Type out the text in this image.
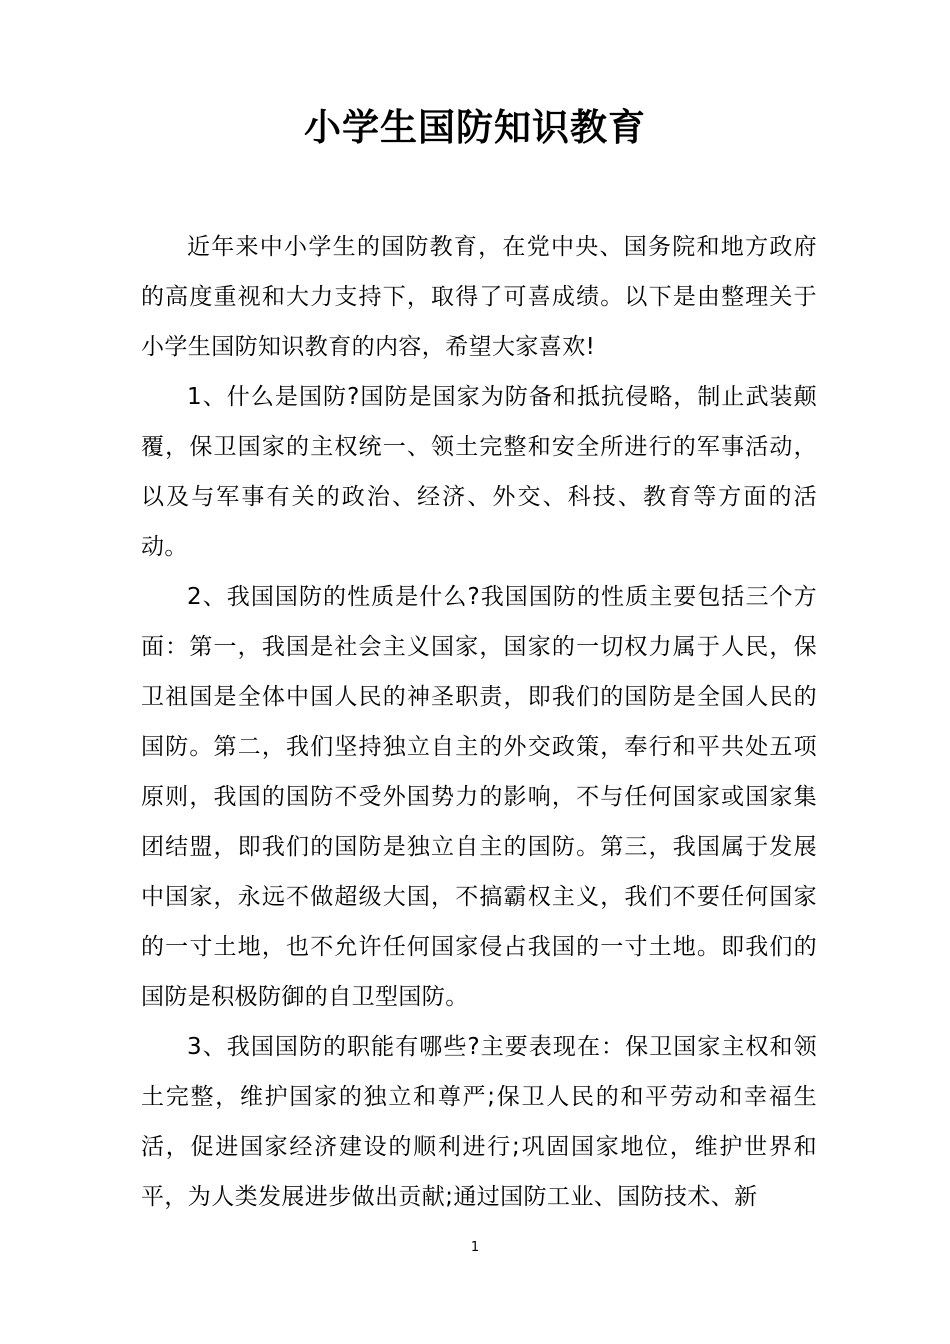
小学生国防知识教育

近年来中小学生的国防教育，在党中央、国务院和地方政府的高度重视和大力支持下，取得了可喜成绩。以下是由整理关于小学生国防知识教育的内容，希望大家喜欢!

1、什么是国防?国防是国家为防备和抵抗侵略，制止武装颠覆，保卫国家的主权统一、领土完整和安全所进行的军事活动，以及与军事有关的政治、经济、外交、科技、教育等方面的活动。

2、我国国防的性质是什么?我国国防的性质主要包括三个方面：第一，我国是社会主义国家，国家的一切权力属于人民，保卫祖国是全体中国人民的神圣职责，即我们的国防是全国人民的国防。第二，我们坚持独立自主的外交政策，奉行和平共处五项原则，我国的国防不受外国势力的影响，不与任何国家或国家集团结盟，即我们的国防是独立自主的国防。第三，我国属于发展中国家，永远不做超级大国，不搞霸权主义，我们不要任何国家的一寸土地，也不允许任何国家侵占我国的一寸土地。即我们的国防是积极防御的自卫型国防。

3、我国国防的职能有哪些?主要表现在：保卫国家主权和领土完整，维护国家的独立和尊严;保卫人民的和平劳动和幸福生活，促进国家经济建设的顺利进行;巩固国家地位，维护世界和平，为人类发展进步做出贡献;通过国防工业、国防技术、新

1
